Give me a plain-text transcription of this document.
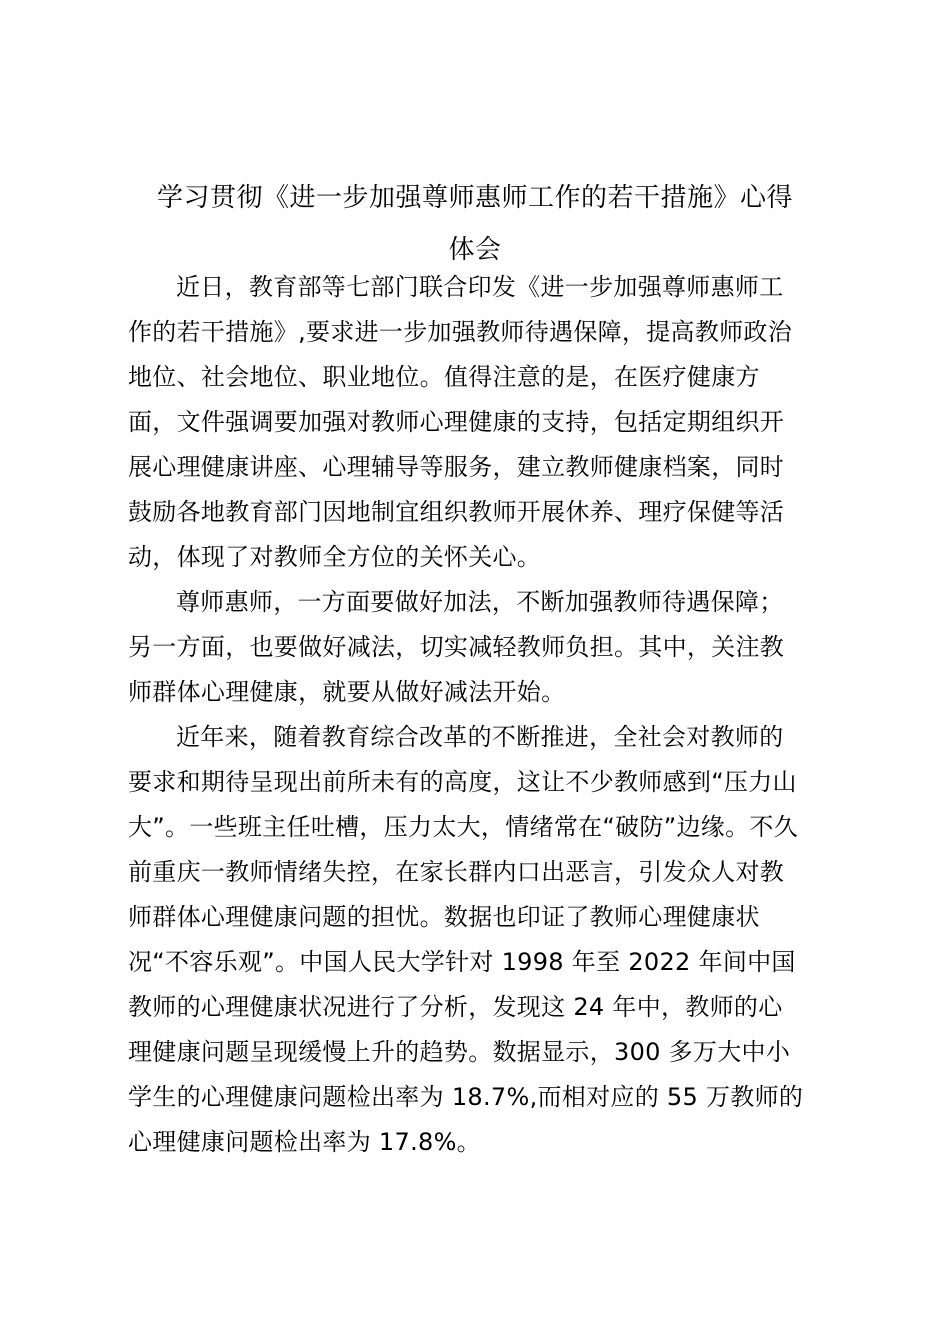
学习贯彻《进一步加强尊师惠师工作的若干措施》心得
体会

近日，教育部等七部门联合印发《进一步加强尊师惠师工
作的若干措施》,要求进一步加强教师待遇保障，提高教师政治
地位、社会地位、职业地位。值得注意的是，在医疗健康方
面，文件强调要加强对教师心理健康的支持，包括定期组织开
展心理健康讲座、心理辅导等服务，建立教师健康档案，同时
鼓励各地教育部门因地制宜组织教师开展休养、理疗保健等活
动，体现了对教师全方位的关怀关心。

尊师惠师，一方面要做好加法，不断加强教师待遇保障；
另一方面，也要做好减法，切实减轻教师负担。其中，关注教
师群体心理健康，就要从做好减法开始。

近年来，随着教育综合改革的不断推进，全社会对教师的
要求和期待呈现出前所未有的高度，这让不少教师感到“压力山
大”。一些班主任吐槽，压力太大，情绪常在“破防”边缘。不久
前重庆一教师情绪失控，在家长群内口出恶言，引发众人对教
师群体心理健康问题的担忧。数据也印证了教师心理健康状
况“不容乐观”。中国人民大学针对 1998 年至 2022 年间中国
教师的心理健康状况进行了分析，发现这 24 年中，教师的心
理健康问题呈现缓慢上升的趋势。数据显示，300 多万大中小
学生的心理健康问题检出率为 18.7%,而相对应的 55 万教师的
心理健康问题检出率为 17.8%。
